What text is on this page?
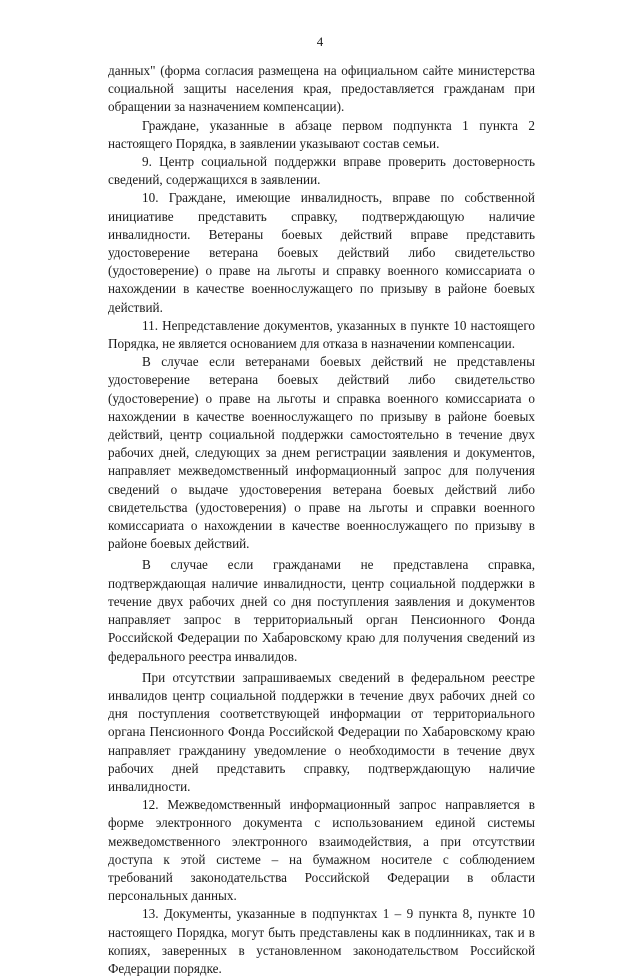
4

данных" (форма согласия размещена на официальном сайте министерства социальной защиты населения края, предоставляется гражданам при обращении за назначением компенсации).

Граждане, указанные в абзаце первом подпункта 1 пункта 2 настоящего Порядка, в заявлении указывают состав семьи.

9. Центр социальной поддержки вправе проверить достоверность сведений, содержащихся в заявлении.

10. Граждане, имеющие инвалидность, вправе по собственной инициативе представить справку, подтверждающую наличие инвалидности. Ветераны боевых действий вправе представить удостоверение ветерана боевых действий либо свидетельство (удостоверение) о праве на льготы и справку военного комиссариата о нахождении в качестве военнослужащего по призыву в районе боевых действий.

11. Непредставление документов, указанных в пункте 10 настоящего Порядка, не является основанием для отказа в назначении компенсации.

В случае если ветеранами боевых действий не представлены удостоверение ветерана боевых действий либо свидетельство (удостоверение) о праве на льготы и справка военного комиссариата о нахождении в качестве военнослужащего по призыву в районе боевых действий, центр социальной поддержки самостоятельно в течение двух рабочих дней, следующих за днем регистрации заявления и документов, направляет межведомственный информационный запрос для получения сведений о выдаче удостоверения ветерана боевых действий либо свидетельства (удостоверения) о праве на льготы и справки военного комиссариата о нахождении в качестве военнослужащего по призыву в районе боевых действий.

В случае если гражданами не представлена справка, подтверждающая наличие инвалидности, центр социальной поддержки в течение двух рабочих дней со дня поступления заявления и документов направляет запрос в территориальный орган Пенсионного Фонда Российской Федерации по Хабаровскому краю для получения сведений из федерального реестра инвалидов.

При отсутствии запрашиваемых сведений в федеральном реестре инвалидов центр социальной поддержки в течение двух рабочих дней со дня поступления соответствующей информации от территориального органа Пенсионного Фонда Российской Федерации по Хабаровскому краю направляет гражданину уведомление о необходимости в течение двух рабочих дней представить справку, подтверждающую наличие инвалидности.

12. Межведомственный информационный запрос направляется в форме электронного документа с использованием единой системы межведомственного электронного взаимодействия, а при отсутствии доступа к этой системе – на бумажном носителе с соблюдением требований законодательства Российской Федерации в области персональных данных.

13. Документы, указанные в подпунктах 1 – 9 пункта 8, пункте 10 настоящего Порядка, могут быть представлены как в подлинниках, так и в копиях, заверенных в установленном законодательством Российской Федерации порядке.
